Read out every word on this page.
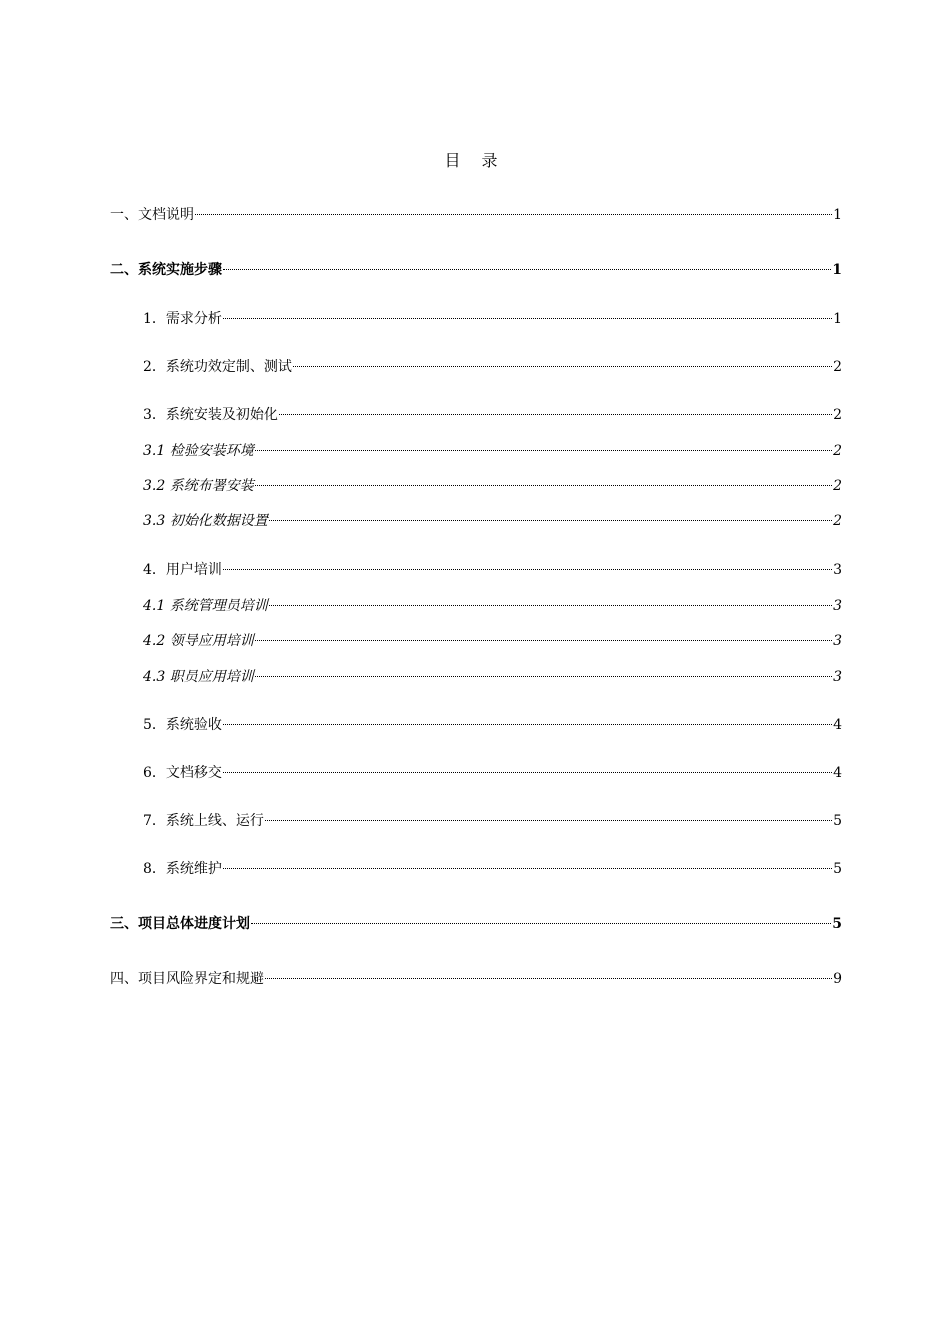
目 录
一、文档说明	1
二、系统实施步骤	1
1．需求分析	1
2．系统功效定制、测试	2
3．系统安装及初始化	2
3.1 检验安装环境	2
3.2 系统布署安装	2
3.3 初始化数据设置	2
4．用户培训	3
4.1 系统管理员培训	3
4.2 领导应用培训	3
4.3 职员应用培训	3
5．系统验收	4
6．文档移交	4
7．系统上线、运行	5
8．系统维护	5
三、项目总体进度计划	5
四、项目风险界定和规避	9
